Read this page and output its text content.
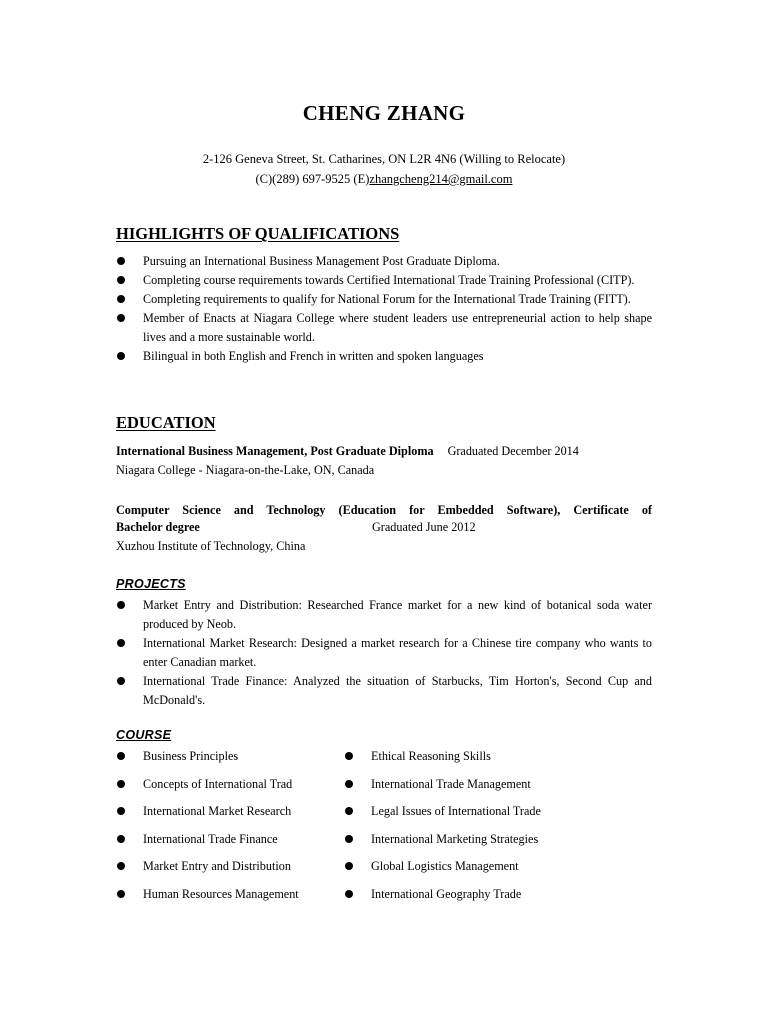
CHENG ZHANG
2-126 Geneva Street, St. Catharines, ON L2R 4N6 (Willing to Relocate)
(C)(289) 697-9525 (E)zhangcheng214@gmail.com
HIGHLIGHTS OF QUALIFICATIONS
Pursuing an International Business Management Post Graduate Diploma.
Completing course requirements towards Certified International Trade Training Professional (CITP).
Completing requirements to qualify for National Forum for the International Trade Training (FITT).
Member of Enacts at Niagara College where student leaders use entrepreneurial action to help shape lives and a more sustainable world.
Bilingual in both English and French in written and spoken languages
EDUCATION
International Business Management, Post Graduate Diploma Graduated December 2014
Niagara College - Niagara-on-the-Lake, ON, Canada
Computer Science and Technology (Education for Embedded Software), Certificate of
Bachelor degree	Graduated June 2012
Xuzhou Institute of Technology, China
PROJECTS
Market Entry and Distribution: Researched France market for a new kind of botanical soda water produced by Neob.
International Market Research: Designed a market research for a Chinese tire company who wants to enter Canadian market.
International Trade Finance: Analyzed the situation of Starbucks, Tim Horton's, Second Cup and McDonald's.
COURSE
Business Principles
Concepts of International Trad
International Market Research
International Trade Finance
Market Entry and Distribution
Human Resources Management
Ethical Reasoning Skills
International Trade Management
Legal Issues of International Trade
International Marketing Strategies
Global Logistics Management
International Geography Trade
